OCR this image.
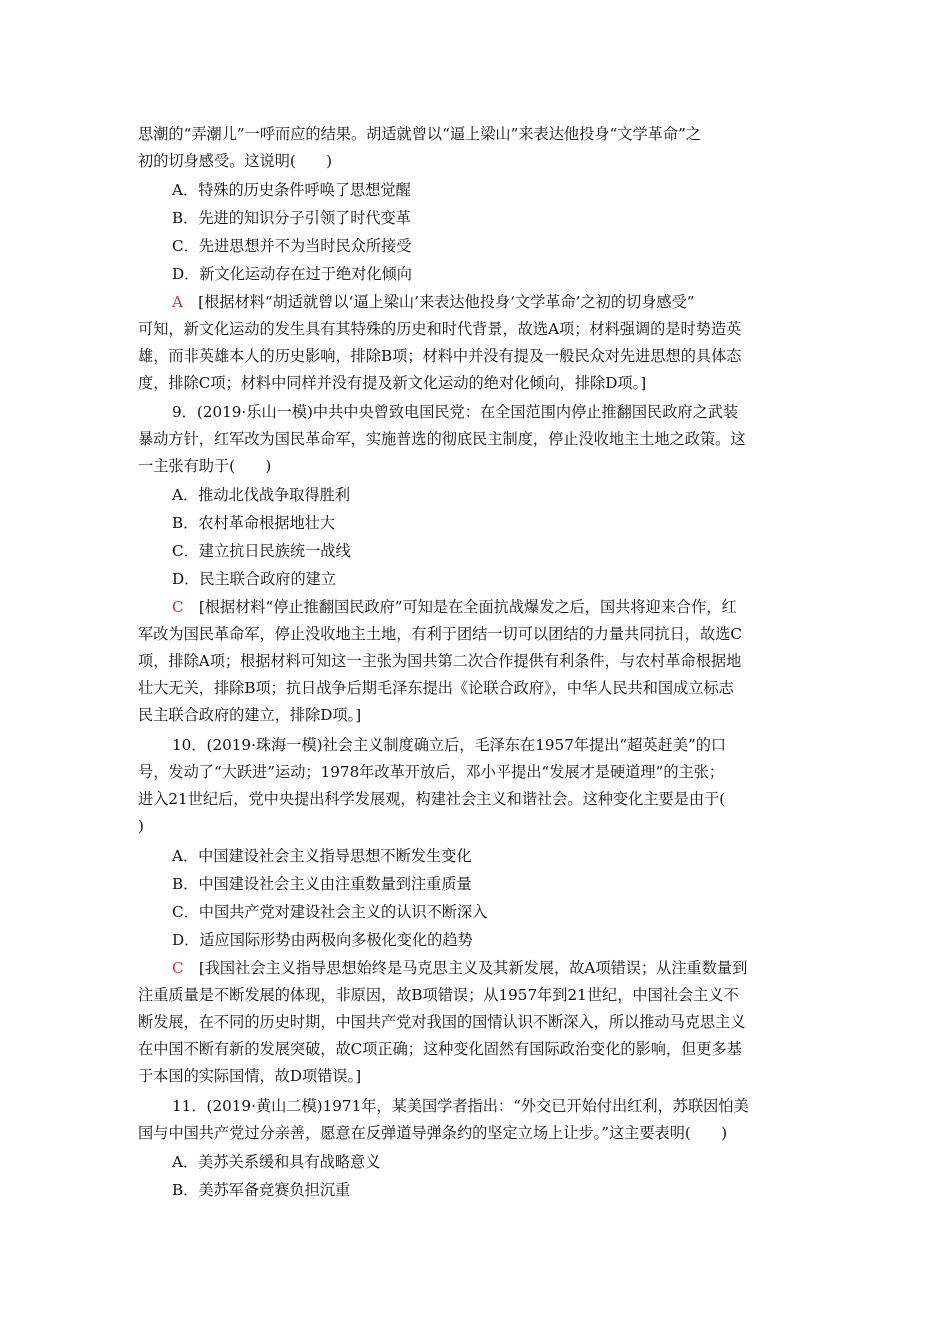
思潮的“弄潮儿”一呼而应的结果。胡适就曾以“逼上梁山”来表达他投身“文学革命”之
初的切身感受。这说明(　　)
A．特殊的历史条件呼唤了思想觉醒
B．先进的知识分子引领了时代变革
C．先进思想并不为当时民众所接受
D．新文化运动存在过于绝对化倾向
A　[根据材料“胡适就曾以‘逼上梁山’来表达他投身‘文学革命’之初的切身感受”
可知，新文化运动的发生具有其特殊的历史和时代背景，故选A项；材料强调的是时势造英
雄，而非英雄本人的历史影响，排除B项；材料中并没有提及一般民众对先进思想的具体态
度，排除C项；材料中同样并没有提及新文化运动的绝对化倾向，排除D项。]
9．(2019·乐山一模)中共中央曾致电国民党：在全国范围内停止推翻国民政府之武装
暴动方针，红军改为国民革命军，实施普选的彻底民主制度，停止没收地主土地之政策。这
一主张有助于(　　)
A．推动北伐战争取得胜利
B．农村革命根据地壮大
C．建立抗日民族统一战线
D．民主联合政府的建立
C　[根据材料“停止推翻国民政府”可知是在全面抗战爆发之后，国共将迎来合作，红
军改为国民革命军，停止没收地主土地，有利于团结一切可以团结的力量共同抗日，故选C
项，排除A项；根据材料可知这一主张为国共第二次合作提供有利条件，与农村革命根据地
壮大无关，排除B项；抗日战争后期毛泽东提出《论联合政府》，中华人民共和国成立标志
民主联合政府的建立，排除D项。]
10．(2019·珠海一模)社会主义制度确立后，毛泽东在1957年提出“超英赶美”的口
号，发动了“大跃进”运动；1978年改革开放后，邓小平提出“发展才是硬道理”的主张；
进入21世纪后，党中央提出科学发展观，构建社会主义和谐社会。这种变化主要是由于(
)
A．中国建设社会主义指导思想不断发生变化
B．中国建设社会主义由注重数量到注重质量
C．中国共产党对建设社会主义的认识不断深入
D．适应国际形势由两极向多极化变化的趋势
C　[我国社会主义指导思想始终是马克思主义及其新发展，故A项错误；从注重数量到
注重质量是不断发展的体现，非原因，故B项错误；从1957年到21世纪，中国社会主义不
断发展，在不同的历史时期，中国共产党对我国的国情认识不断深入，所以推动马克思主义
在中国不断有新的发展突破，故C项正确；这种变化固然有国际政治变化的影响，但更多基
于本国的实际国情，故D项错误。]
11．(2019·黄山二模)1971年，某美国学者指出：“外交已开始付出红利，苏联因怕美
国与中国共产党过分亲善，愿意在反弹道导弹条约的坚定立场上让步。”这主要表明(　　)
A．美苏关系缓和具有战略意义
B．美苏军备竞赛负担沉重
